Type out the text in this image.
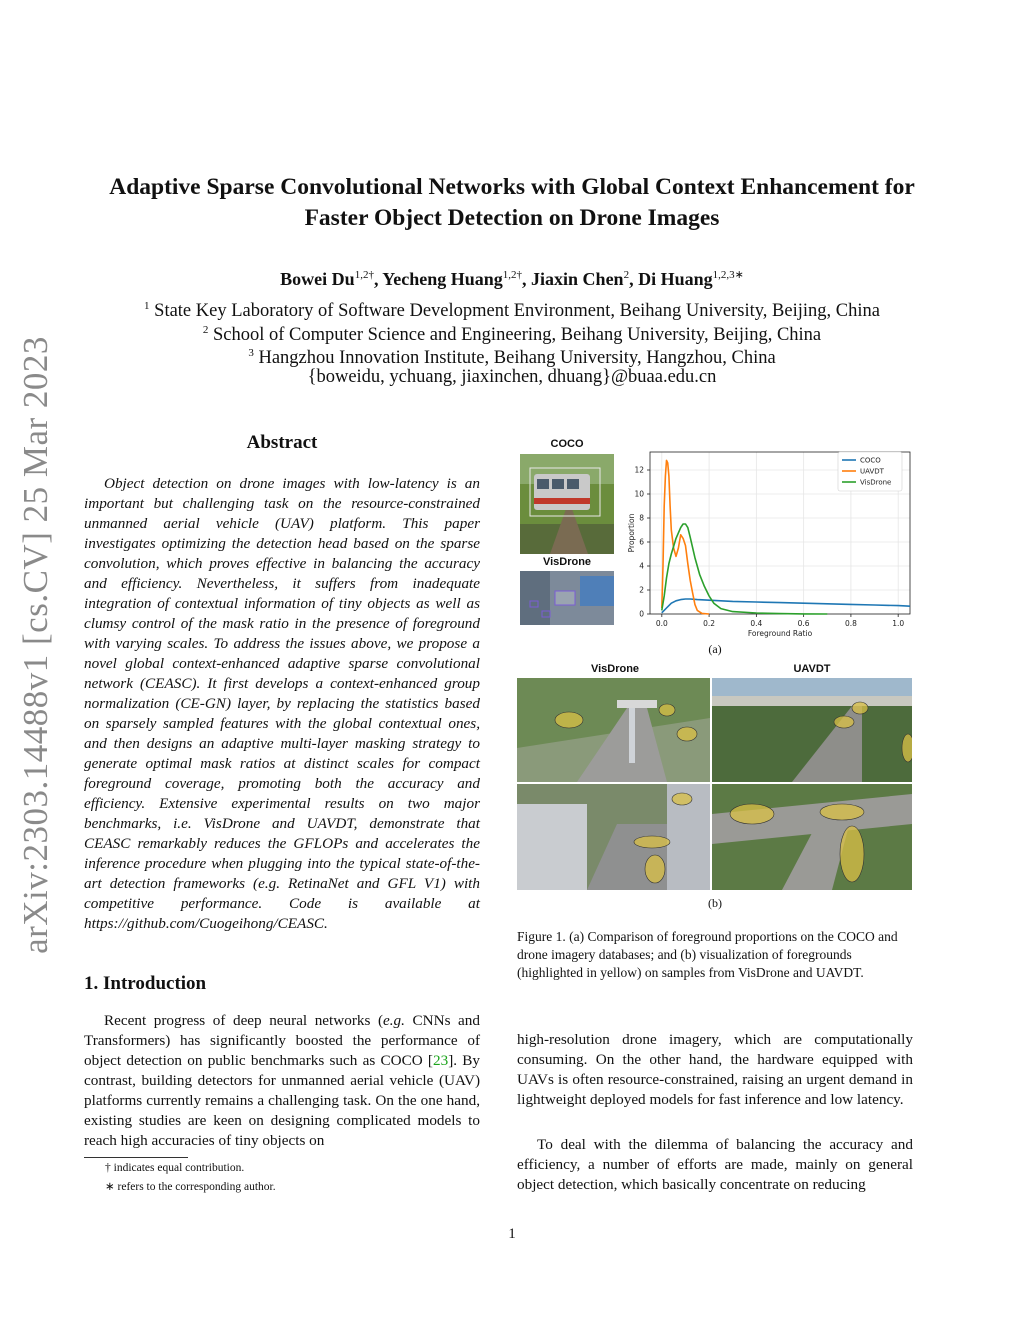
arXiv:2303.14488v1 [cs.CV] 25 Mar 2023
Adaptive Sparse Convolutional Networks with Global Context Enhancement for
Faster Object Detection on Drone Images
Bowei $Du^{1,2\dagger}$, Yecheng Huang$^{1,2\dagger}$, Jiaxin Chen$^2$, Di Huang$^{1,2,3∗}$
$^1$ State Key Laboratory of Software Development Environment, Beihang University, Beijing, China
$^2$ School of Computer Science and Engineering, Beihang University, Beijing, China
$^3$ Hangzhou Innovation Institute, Beihang University, Hangzhou, China
{boweidu, ychuang, jiaxinchen, dhuang}@buaa.edu.cn
Abstract

Object detection on drone images with low-latency is an important but challenging task on the resource-constrained unmanned aerial vehicle (UAV) platform. This paper investigates optimizing the detection head based on the sparse convolution, which proves effective in balancing the accuracy and efficiency. Nevertheless, it suffers from inadequate integration of contextual information of tiny objects as well as clumsy control of the mask ratio in the presence of foreground with varying scales. To address the issues above, we propose a novel global context-enhanced adaptive sparse convolutional network (CEASC). It first develops a context-enhanced group normalization (CE-GN) layer, by replacing the statistics based on sparsely sampled features with the global contextual ones, and then designs an adaptive multi-layer masking strategy to generate optimal mask ratios at distinct scales for compact foreground coverage, promoting both the accuracy and efficiency. Extensive experimental results on two major benchmarks, i.e. VisDrone and UAVDT, demonstrate that CEASC remarkably reduces the GFLOPs and accelerates the inference procedure when plugging into the typical state-of-the-art detection frameworks (e.g. RetinaNet and GFL V1) with competitive performance. Code is available at https://github.com/Cuogeihong/CEASC.

1. Introduction

Recent progress of deep neural networks (e.g. CNNs and Transformers) has significantly boosted the performance of object detection on public benchmarks such as COCO [23]. By contrast, building detectors for unmanned aerial vehicle (UAV) platforms currently remains a challenging task. On the one hand, existing studies are keen on designing complicated models to reach high accuracies of tiny objects on

† indicates equal contribution.
∗ refers to the corresponding author.

high-resolution drone imagery, which are computationally consuming. On the other hand, the hardware equipped with UAVs is often resource-constrained, raising an urgent demand in lightweight deployed models for fast inference and low latency.

To deal with the dilemma of balancing the accuracy and efficiency, a number of efforts are made, mainly on general object detection, which basically concentrate on reducing

COCO
VisDrone
0.0	0.2	0.4	0.6	0.8	1.0
0
2
4
6
8
10
12
Foreground Ratio
Proportion
COCO
UAVDT
VisDrone
(a)
VisDrone	UAVDT
(b)

Figure 1. (a) Comparison of foreground proportions on the COCO and drone imagery databases; and (b) visualization of foregrounds (highlighted in yellow) on samples from VisDrone and UAVDT.

1
